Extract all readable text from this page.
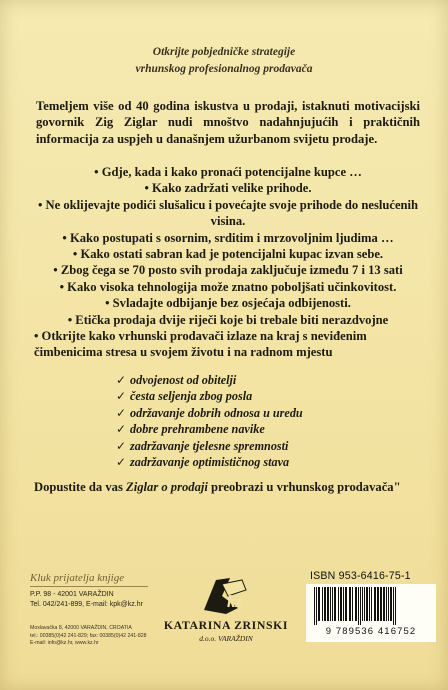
Otkrijte pobjedničke strategije
vrhunskog profesionalnog prodavača
Temeljem više od 40 godina iskustva u prodaji, istaknuti motivacijski govornik Zig Ziglar nudi mnoštvo nadahnjujućih i praktičnih informacija za uspjeh u današnjem užurbanom svijetu prodaje.
• Gdje, kada i kako pronaći potencijalne kupce …
• Kako zadržati velike prihode.
• Ne oklijevajte podići slušalicu i povećajte svoje prihode do neslućenih visina.
• Kako postupati s osornim, srditim i mrzovoljnim ljudima …
• Kako ostati sabran kad je potencijalni kupac izvan sebe.
• Zbog čega se 70 posto svih prodaja zaključuje između 7 i 13 sati
• Kako visoka tehnologija može znatno poboljšati učinkovitost.
• Svladajte odbijanje bez osjećaja odbijenosti.
• Etička prodaja dvije riječi koje bi trebale biti nerazdvojne
• Otkrijte kako vrhunski prodavači izlaze na kraj s neviđenim čimbenicima stresa u svojem životu i na radnom mjestu
✓ odvojenost od obitelji
✓ česta seljenja zbog posla
✓ održavanje dobrih odnosa u uredu
✓ dobre prehrambene navike
✓ zadržavanje tjelesne spremnosti
✓ zadržavanje optimističnog stava
Dopustite da vas Ziglar o prodaji preobrazi u vrhunskog prodavača"
Kluk prijatelja knjige
P.P. 98 - 42001 VARAŽDIN
Tel. 042/241-899, E-mail: kpk@kz.hr
Moslavačka 8, 42000 VARAŽDIN, CROATIA
tel.: 00385(0)42 241-829; fax: 00385(0)42 241-828
E-mail: info@kz.hr, www.kz.hr
kz
KATARINA ZRINSKI
d.o.o. VARAŽDIN
ISBN 953-6416-75-1
9 789536 416752
